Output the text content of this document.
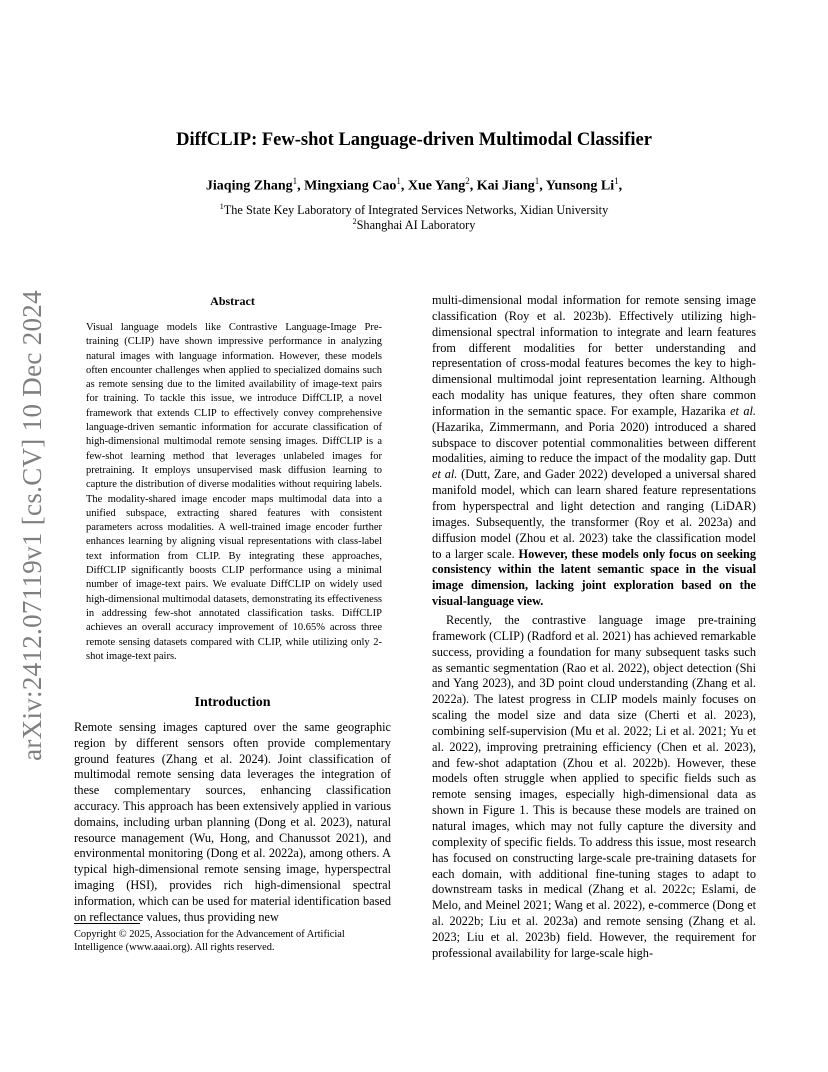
arXiv:2412.07119v1 [cs.CV] 10 Dec 2024
DiffCLIP: Few-shot Language-driven Multimodal Classifier
Jiaqing Zhang$^1$, Mingxiang Cao$^1$, Xue Yang$^2$, Kai Jiang$^1$, Yunsong Li$^1$,
$^1$The State Key Laboratory of Integrated Services Networks, Xidian University
$^2$Shanghai AI Laboratory
Abstract

Visual language models like Contrastive Language-Image Pre-training (CLIP) have shown impressive performance in analyzing natural images with language information. However, these models often encounter challenges when applied to specialized domains such as remote sensing due to the limited availability of image-text pairs for training. To tackle this issue, we introduce DiffCLIP, a novel framework that extends CLIP to effectively convey comprehensive language-driven semantic information for accurate classification of high-dimensional multimodal remote sensing images. DiffCLIP is a few-shot learning method that leverages unlabeled images for pretraining. It employs unsupervised mask diffusion learning to capture the distribution of diverse modalities without requiring labels. The modality-shared image encoder maps multimodal data into a unified subspace, extracting shared features with consistent parameters across modalities. A well-trained image encoder further enhances learning by aligning visual representations with class-label text information from CLIP. By integrating these approaches, DiffCLIP significantly boosts CLIP performance using a minimal number of image-text pairs. We evaluate DiffCLIP on widely used high-dimensional multimodal datasets, demonstrating its effectiveness in addressing few-shot annotated classification tasks. DiffCLIP achieves an overall accuracy improvement of 10.65% across three remote sensing datasets compared with CLIP, while utilizing only 2-shot image-text pairs.

Introduction

Remote sensing images captured over the same geographic region by different sensors often provide complementary ground features (Zhang et al. 2024). Joint classification of multimodal remote sensing data leverages the integration of these complementary sources, enhancing classification accuracy. This approach has been extensively applied in various domains, including urban planning (Dong et al. 2023), natural resource management (Wu, Hong, and Chanussot 2021), and environmental monitoring (Dong et al. 2022a), among others. A typical high-dimensional remote sensing image, hyperspectral imaging (HSI), provides rich high-dimensional spectral information, which can be used for material identification based on reflectance values, thus providing new

Copyright © 2025, Association for the Advancement of Artificial Intelligence (www.aaai.org). All rights reserved.

multi-dimensional modal information for remote sensing image classification (Roy et al. 2023b). Effectively utilizing high-dimensional spectral information to integrate and learn features from different modalities for better understanding and representation of cross-modal features becomes the key to high-dimensional multimodal joint representation learning. Although each modality has unique features, they often share common information in the semantic space. For example, Hazarika et al. (Hazarika, Zimmermann, and Poria 2020) introduced a shared subspace to discover potential commonalities between different modalities, aiming to reduce the impact of the modality gap. Dutt et al. (Dutt, Zare, and Gader 2022) developed a universal shared manifold model, which can learn shared feature representations from hyperspectral and light detection and ranging (LiDAR) images. Subsequently, the transformer (Roy et al. 2023a) and diffusion model (Zhou et al. 2023) take the classification model to a larger scale. However, these models only focus on seeking consistency within the latent semantic space in the visual image dimension, lacking joint exploration based on the visual-language view.

Recently, the contrastive language image pre-training framework (CLIP) (Radford et al. 2021) has achieved remarkable success, providing a foundation for many subsequent tasks such as semantic segmentation (Rao et al. 2022), object detection (Shi and Yang 2023), and 3D point cloud understanding (Zhang et al. 2022a). The latest progress in CLIP models mainly focuses on scaling the model size and data size (Cherti et al. 2023), combining self-supervision (Mu et al. 2022; Li et al. 2021; Yu et al. 2022), improving pretraining efficiency (Chen et al. 2023), and few-shot adaptation (Zhou et al. 2022b). However, these models often struggle when applied to specific fields such as remote sensing images, especially high-dimensional data as shown in Figure 1. This is because these models are trained on natural images, which may not fully capture the diversity and complexity of specific fields. To address this issue, most research has focused on constructing large-scale pre-training datasets for each domain, with additional fine-tuning stages to adapt to downstream tasks in medical (Zhang et al. 2022c; Eslami, de Melo, and Meinel 2021; Wang et al. 2022), e-commerce (Dong et al. 2022b; Liu et al. 2023a) and remote sensing (Zhang et al. 2023; Liu et al. 2023b) field. However, the requirement for professional availability for large-scale high-
